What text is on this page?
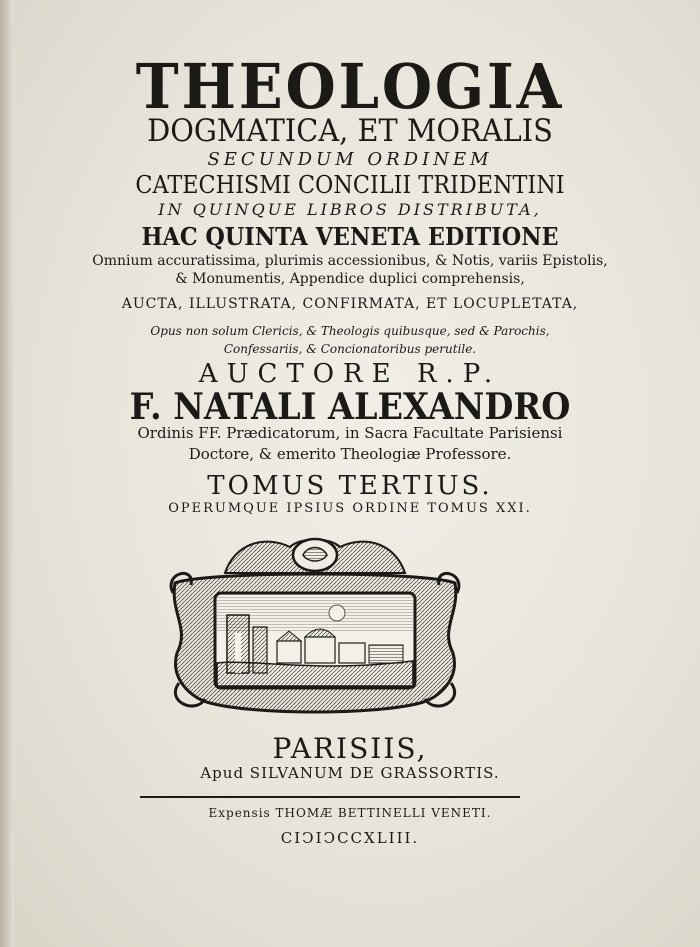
THEOLOGIA
DOGMATICA, ET MORALIS
SECUNDUM ORDINEM
CATECHISMI CONCILII TRIDENTINI
IN QUINQUE LIBROS DISTRIBUTA,
HAC QUINTA VENETA EDITIONE
Omnium accuratissima, plurimis accessionibus, & Notis, variis Epistolis,
& Monumentis, Appendice duplici comprehensis,
AUCTA, ILLUSTRATA, CONFIRMATA, ET LOCUPLETATA,
Opus non solum Clericis, & Theologis quibusque, sed & Parochis,
Confessariis, & Concionatoribus perutile.
AUCTORE R.P.
F. NATALI ALEXANDRO
Ordinis FF. Prædicatorum, in Sacra Facultate Parisiensi
Doctore, & emerito Theologiæ Professore.
TOMUS TERTIUS.
OPERUMQUE IPSIUS ORDINE TOMUS XXI.
PARISIIS,
Apud SILVANUM DE GRASSORTIS.
Expensis THOMÆ BETTINELLI VENETI.
CIↃIↃCCXLIII.
